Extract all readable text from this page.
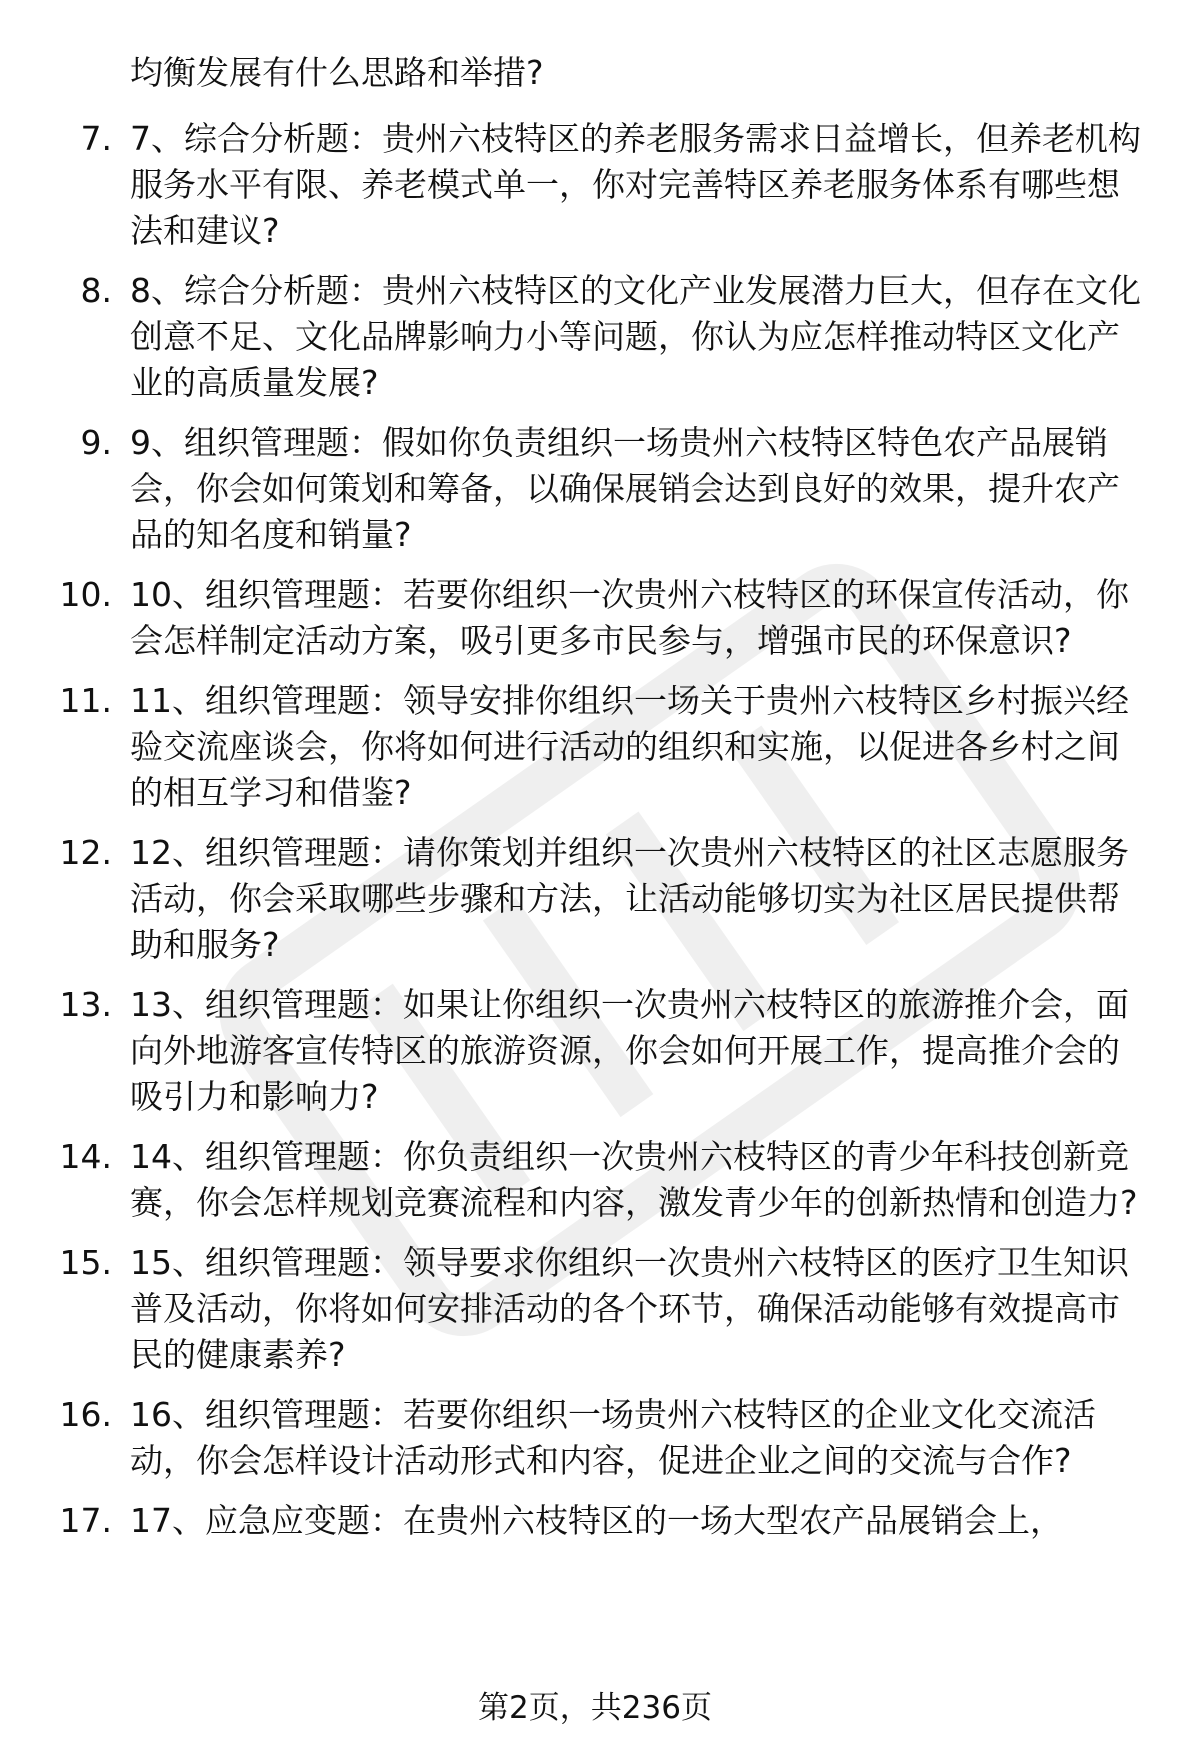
均衡发展有什么思路和举措?
7. 7、综合分析题：贵州六枝特区的养老服务需求日益增长，但养老机构服务水平有限、养老模式单一，你对完善特区养老服务体系有哪些想法和建议?
8. 8、综合分析题：贵州六枝特区的文化产业发展潜力巨大，但存在文化创意不足、文化品牌影响力小等问题，你认为应怎样推动特区文化产业的高质量发展?
9. 9、组织管理题：假如你负责组织一场贵州六枝特区特色农产品展销会，你会如何策划和筹备，以确保展销会达到良好的效果，提升农产品的知名度和销量?
10. 10、组织管理题：若要你组织一次贵州六枝特区的环保宣传活动，你会怎样制定活动方案，吸引更多市民参与，增强市民的环保意识?
11. 11、组织管理题：领导安排你组织一场关于贵州六枝特区乡村振兴经验交流座谈会，你将如何进行活动的组织和实施，以促进各乡村之间的相互学习和借鉴?
12. 12、组织管理题：请你策划并组织一次贵州六枝特区的社区志愿服务活动，你会采取哪些步骤和方法，让活动能够切实为社区居民提供帮助和服务?
13. 13、组织管理题：如果让你组织一次贵州六枝特区的旅游推介会，面向外地游客宣传特区的旅游资源，你会如何开展工作，提高推介会的吸引力和影响力?
14. 14、组织管理题：你负责组织一次贵州六枝特区的青少年科技创新竞赛，你会怎样规划竞赛流程和内容，激发青少年的创新热情和创造力?
15. 15、组织管理题：领导要求你组织一次贵州六枝特区的医疗卫生知识普及活动，你将如何安排活动的各个环节，确保活动能够有效提高市民的健康素养?
16. 16、组织管理题：若要你组织一场贵州六枝特区的企业文化交流活动，你会怎样设计活动形式和内容，促进企业之间的交流与合作?
17. 17、应急应变题：在贵州六枝特区的一场大型农产品展销会上，
第2页，共236页
